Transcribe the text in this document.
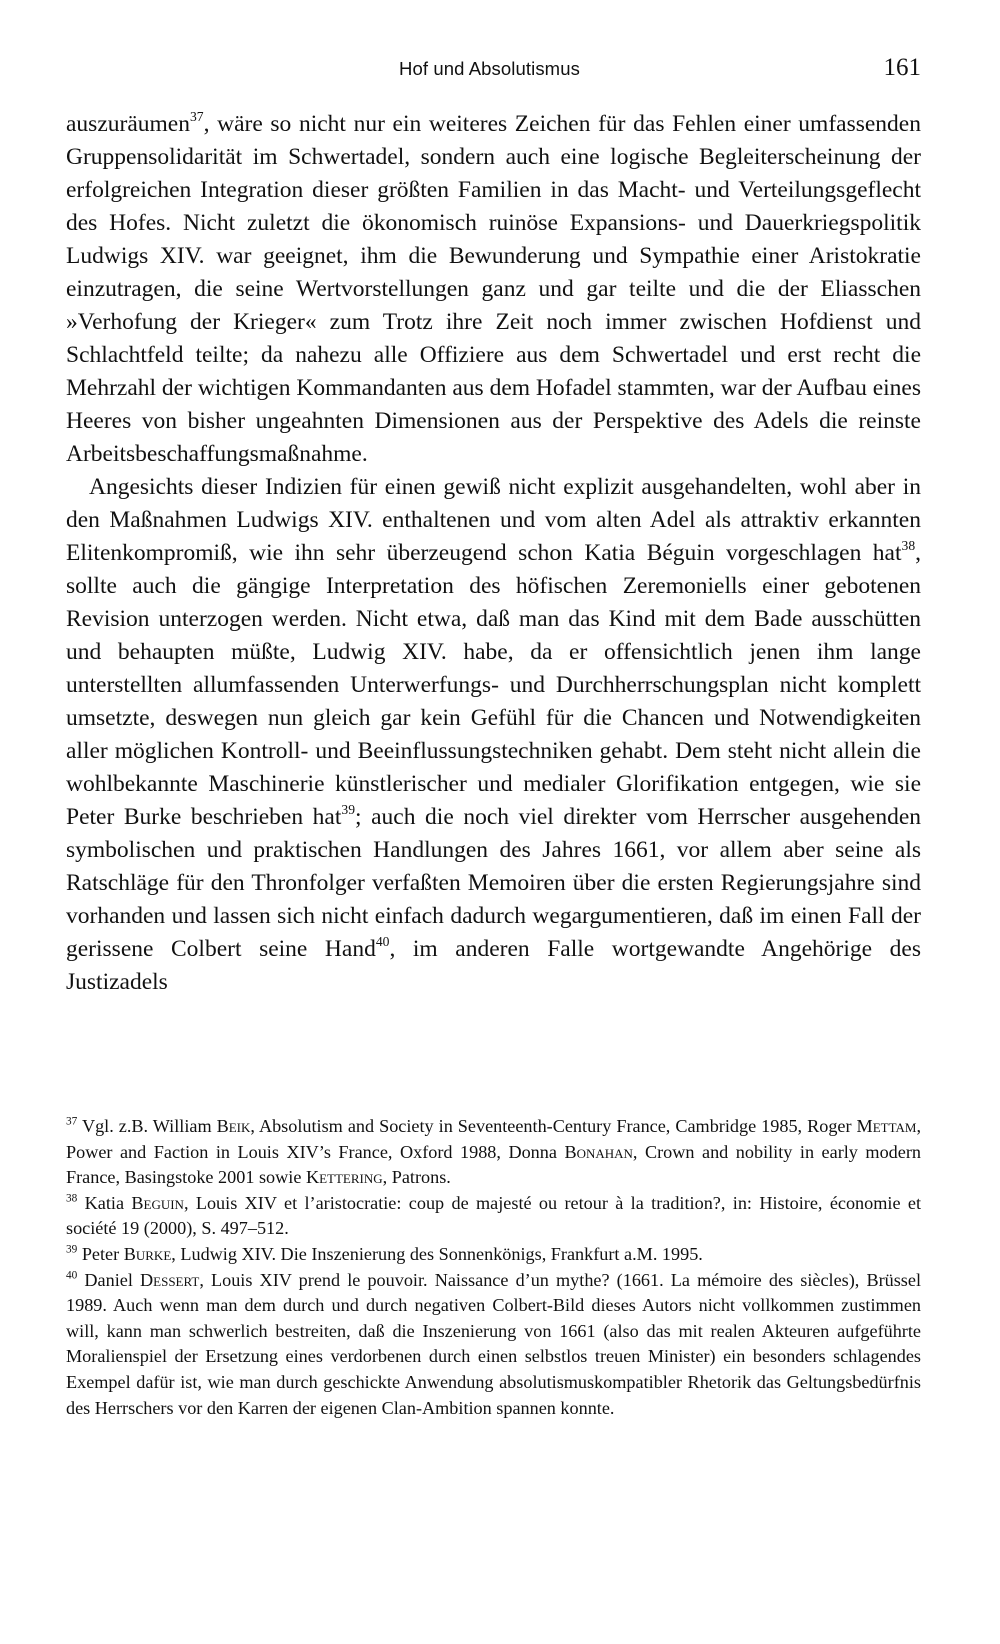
Hof und Absolutismus	161

auszuräumen$^{37}$, wäre so nicht nur ein weiteres Zeichen für das Fehlen einer umfassenden Gruppensolidarität im Schwertadel, sondern auch eine logische Begleiterscheinung der erfolgreichen Integration dieser größten Familien in das Macht- und Verteilungsgeflecht des Hofes. Nicht zuletzt die ökonomisch ruinöse Expansions- und Dauerkriegspolitik Ludwigs XIV. war geeignet, ihm die Bewunderung und Sympathie einer Aristokratie einzutragen, die seine Wertvorstellungen ganz und gar teilte und die der Eliasschen »Verhofung der Krieger« zum Trotz ihre Zeit noch immer zwischen Hofdienst und Schlachtfeld teilte; da nahezu alle Offiziere aus dem Schwertadel und erst recht die Mehrzahl der wichtigen Kommandanten aus dem Hofadel stammten, war der Aufbau eines Heeres von bisher ungeahnten Dimensionen aus der Perspektive des Adels die reinste Arbeitsbeschaffungsmaßnahme.

Angesichts dieser Indizien für einen gewiß nicht explizit ausgehandelten, wohl aber in den Maßnahmen Ludwigs XIV. enthaltenen und vom alten Adel als attraktiv erkannten Elitenkompromiß, wie ihn sehr überzeugend schon Katia Béguin vorgeschlagen hat$^{38}$, sollte auch die gängige Interpretation des höfischen Zeremoniells einer gebotenen Revision unterzogen werden. Nicht etwa, daß man das Kind mit dem Bade ausschütten und behaupten müßte, Ludwig XIV. habe, da er offensichtlich jenen ihm lange unterstellten allumfassenden Unterwerfungs- und Durchherrschungsplan nicht komplett umsetzte, deswegen nun gleich gar kein Gefühl für die Chancen und Notwendigkeiten aller möglichen Kontroll- und Beeinflussungstechniken gehabt. Dem steht nicht allein die wohlbekannte Maschinerie künstlerischer und medialer Glorifikation entgegen, wie sie Peter Burke beschrieben hat$^{39}$; auch die noch viel direkter vom Herrscher ausgehenden symbolischen und praktischen Handlungen des Jahres 1661, vor allem aber seine als Ratschläge für den Thronfolger verfaßten Memoiren über die ersten Regierungsjahre sind vorhanden und lassen sich nicht einfach dadurch wegargumentieren, daß im einen Fall der gerissene Colbert seine Hand$^{40}$, im anderen Falle wortgewandte Angehörige des Justizadels

$^{37}$ Vgl. z.B. William Beik, Absolutism and Society in Seventeenth-Century France, Cambridge 1985, Roger Mettam, Power and Faction in Louis XIV’s France, Oxford 1988, Donna Bonahan, Crown and nobility in early modern France, Basingstoke 2001 sowie Kettering, Patrons.

$^{38}$ Katia Beguin, Louis XIV et l’aristocratie: coup de majesté ou retour à la tradition?, in: Histoire, économie et société 19 (2000), S. 497–512.

$^{39}$ Peter Burke, Ludwig XIV. Die Inszenierung des Sonnenkönigs, Frankfurt a.M. 1995.

$^{40}$ Daniel Dessert, Louis XIV prend le pouvoir. Naissance d’un mythe? (1661. La mémoire des siècles), Brüssel 1989. Auch wenn man dem durch und durch negativen Colbert-Bild dieses Autors nicht vollkommen zustimmen will, kann man schwerlich bestreiten, daß die Inszenierung von 1661 (also das mit realen Akteuren aufgeführte Moralienspiel der Ersetzung eines verdorbenen durch einen selbstlos treuen Minister) ein besonders schlagendes Exempel dafür ist, wie man durch geschickte Anwendung absolutismuskompatibler Rhetorik das Geltungsbedürfnis des Herrschers vor den Karren der eigenen Clan-Ambition spannen konnte.
